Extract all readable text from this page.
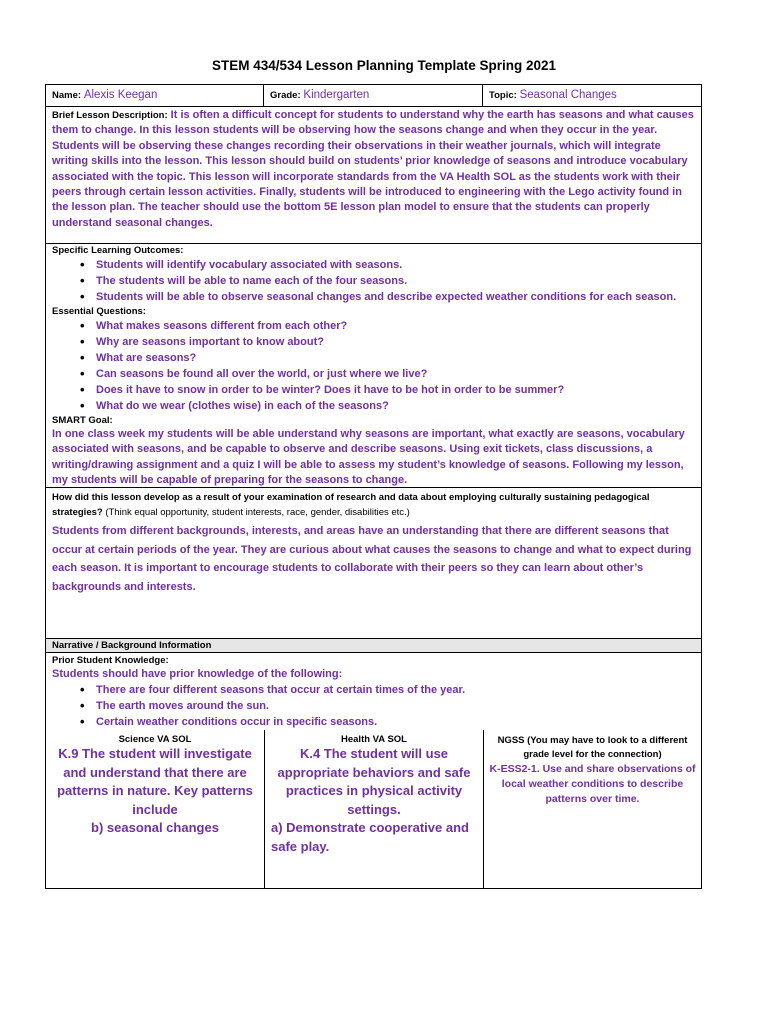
STEM 434/534 Lesson Planning Template Spring 2021
Name: Alexis Keegan	Grade: Kindergarten	Topic: Seasonal Changes
Brief Lesson Description: It is often a difficult concept for students to understand why the earth has seasons and what causes them to change. In this lesson students will be observing how the seasons change and when they occur in the year. Students will be observing these changes recording their observations in their weather journals, which will integrate writing skills into the lesson. This lesson should build on students’ prior knowledge of seasons and introduce vocabulary associated with the topic. This lesson will incorporate standards from the VA Health SOL as the students work with their peers through certain lesson activities. Finally, students will be introduced to engineering with the Lego activity found in the lesson plan. The teacher should use the bottom 5E lesson plan model to ensure that the students can properly understand seasonal changes.
Specific Learning Outcomes:
• Students will identify vocabulary associated with seasons.
• The students will be able to name each of the four seasons.
• Students will be able to observe seasonal changes and describe expected weather conditions for each season.
Essential Questions:
• What makes seasons different from each other?
• Why are seasons important to know about?
• What are seasons?
• Can seasons be found all over the world, or just where we live?
• Does it have to snow in order to be winter? Does it have to be hot in order to be summer?
• What do we wear (clothes wise) in each of the seasons?
SMART Goal:
In one class week my students will be able understand why seasons are important, what exactly are seasons, vocabulary associated with seasons, and be capable to observe and describe seasons. Using exit tickets, class discussions, a writing/drawing assignment and a quiz I will be able to assess my student’s knowledge of seasons. Following my lesson, my students will be capable of preparing for the seasons to change.
How did this lesson develop as a result of your examination of research and data about employing culturally sustaining pedagogical strategies? (Think equal opportunity, student interests, race, gender, disabilities etc.)
Students from different backgrounds, interests, and areas have an understanding that there are different seasons that occur at certain periods of the year. They are curious about what causes the seasons to change and what to expect during each season. It is important to encourage students to collaborate with their peers so they can learn about other’s backgrounds and interests.
Narrative / Background Information
Prior Student Knowledge:
Students should have prior knowledge of the following:
• There are four different seasons that occur at certain times of the year.
• The earth moves around the sun.
• Certain weather conditions occur in specific seasons.
Science VA SOL
K.9 The student will investigate
and understand that there are
patterns in nature. Key patterns
include
b) seasonal changes
Health VA SOL
K.4 The student will use
appropriate behaviors and safe
practices in physical activity
settings.
a) Demonstrate cooperative and safe play.
NGSS (You may have to look to a different grade level for the connection)
K-ESS2-1. Use and share observations of local weather conditions to describe patterns over time.
